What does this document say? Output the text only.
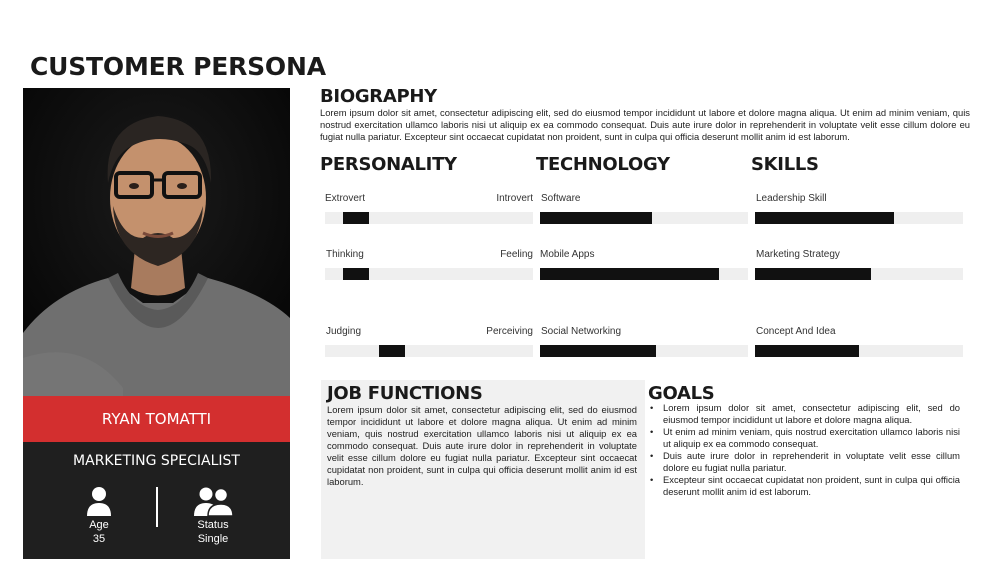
CUSTOMER PERSONA
RYAN TOMATTI
MARKETING SPECIALIST
Age
35
Status
Single
BIOGRAPHY
Lorem ipsum dolor sit amet, consectetur adipiscing elit, sed do eiusmod tempor incididunt ut labore et dolore magna aliqua. Ut enim ad minim veniam, quis nostrud exercitation ullamco laboris nisi ut aliquip ex ea commodo consequat. Duis aute irure dolor in reprehenderit in voluptate velit esse cillum dolore eu fugiat nulla pariatur. Excepteur sint occaecat cupidatat non proident, sunt in culpa qui officia deserunt mollit anim id est laborum.
PERSONALITY	TECHNOLOGY	SKILLS
Extrovert	Introvert
Thinking	Feeling
Judging	Perceiving
Software
Mobile Apps
Social Networking
Leadership Skill
Marketing Strategy
Concept And Idea
JOB FUNCTIONS
Lorem ipsum dolor sit amet, consectetur adipiscing elit, sed do eiusmod tempor incididunt ut labore et dolore magna aliqua. Ut enim ad minim veniam, quis nostrud exercitation ullamco laboris nisi ut aliquip ex ea commodo consequat. Duis aute irure dolor in reprehenderit in voluptate velit esse cillum dolore eu fugiat nulla pariatur. Excepteur sint occaecat cupidatat non proident, sunt in culpa qui officia deserunt mollit anim id est laborum.
GOALS
• Lorem ipsum dolor sit amet, consectetur adipiscing elit, sed do eiusmod tempor incididunt ut labore et dolore magna aliqua.
• Ut enim ad minim veniam, quis nostrud exercitation ullamco laboris nisi ut aliquip ex ea commodo consequat.
• Duis aute irure dolor in reprehenderit in voluptate velit esse cillum dolore eu fugiat nulla pariatur.
• Excepteur sint occaecat cupidatat non proident, sunt in culpa qui officia deserunt mollit anim id est laborum.
